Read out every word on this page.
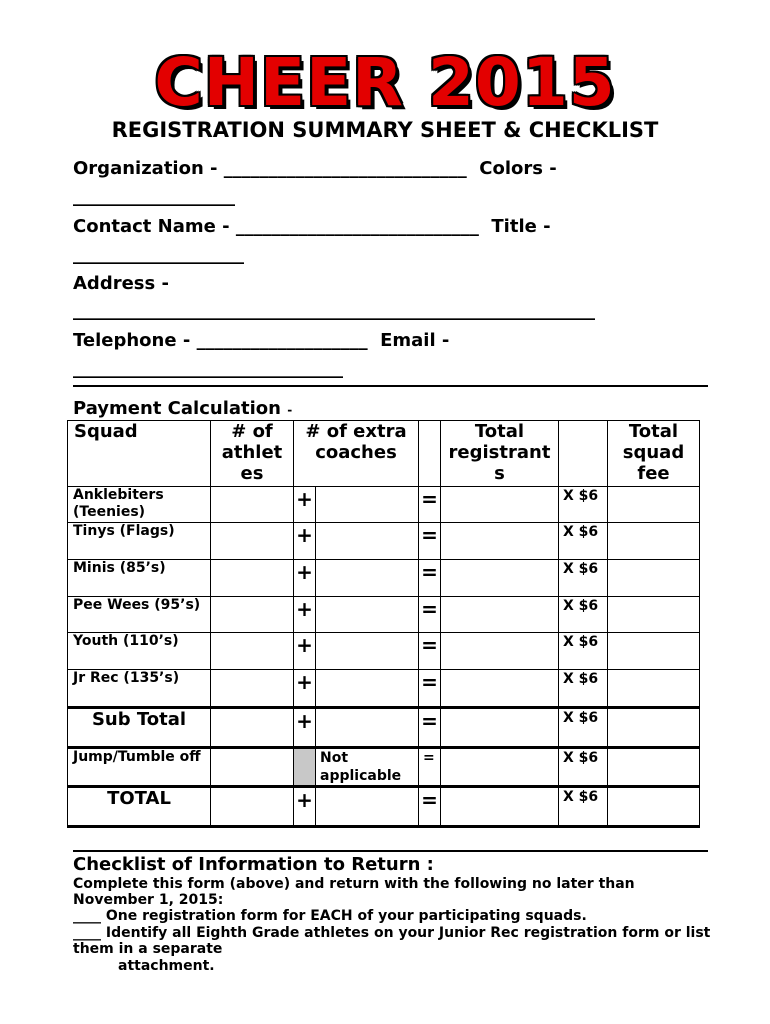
CHEER 2015
REGISTRATION SUMMARY SHEET & CHECKLIST
Organization - ___________________________  Colors -
__________________
Contact Name - ___________________________  Title -
___________________
Address -
__________________________________________________________
Telephone - ___________________  Email -
______________________________
Payment Calculation -
Squad	# of athlet es	# of extra coaches			Total registrant s		Total squad fee
Anklebiters (Teenies)		+		=		X $6	
Tinys (Flags)		+		=		X $6	
Minis (85’s)		+		=		X $6	
Pee Wees (95’s)		+		=		X $6	
Youth (110’s)		+		=		X $6	
Jr Rec (135’s)		+		=		X $6	
Sub Total		+		=		X $6	
Jump/Tumble off			Not applicable	=		X $6	
TOTAL		+		=		X $6	
Checklist of Information to Return :
Complete this form (above) and return with the following no later than
November 1, 2015:
____ One registration form for EACH of your participating squads.
____ Identify all Eighth Grade athletes on your Junior Rec registration form or list
them in a separate
attachment.
